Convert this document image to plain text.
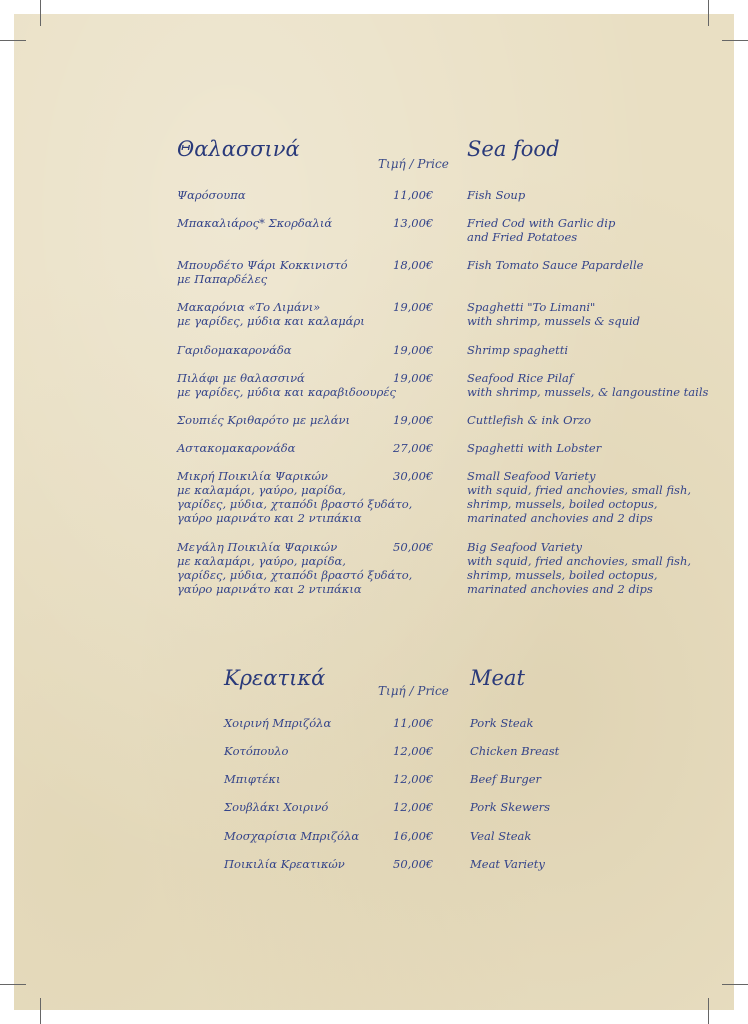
Θαλασσινά	Sea food
Τιμή / Price
Ψαρόσουπα	11,00€	Fish Soup
Μπακαλιάρος* Σκορδαλιά	13,00€	Fried Cod with Garlic dip
and Fried Potatoes
Μπουρδέτο Ψάρι Κοκκινιστό
με Παπαρδέλες
18,00€	Fish Tomato Sauce Papardelle
Μακαρόνια «Το Λιμάνι»
με γαρίδες, μύδια και καλαμάρι
19,00€	Spaghetti "To Limani"
with shrimp, mussels & squid
Γαριδομακαρονάδα	19,00€	Shrimp spaghetti
Πιλάφι με θαλασσινά
με γαρίδες, μύδια και καραβιδοουρές
19,00€	Seafood Rice Pilaf
with shrimp, mussels, & langoustine tails
Σουπιές Κριθαρότο με μελάνι	19,00€	Cuttlefish & ink Orzo
Αστακομακαρονάδα	27,00€	Spaghetti with Lobster
Μικρή Ποικιλία Ψαρικών
με καλαμάρι, γαύρο, μαρίδα,
γαρίδες, μύδια, χταπόδι βραστό ξυδάτο,
γαύρο μαρινάτο και 2 ντιπάκια
30,00€	Small Seafood Variety
with squid, fried anchovies, small fish,
shrimp, mussels, boiled octopus,
marinated anchovies and 2 dips
Μεγάλη Ποικιλία Ψαρικών
με καλαμάρι, γαύρο, μαρίδα,
γαρίδες, μύδια, χταπόδι βραστό ξυδάτο,
γαύρο μαρινάτο και 2 ντιπάκια
50,00€	Big Seafood Variety
with squid, fried anchovies, small fish,
shrimp, mussels, boiled octopus,
marinated anchovies and 2 dips
Κρεατικά	Meat
Τιμή / Price
Χοιρινή Μπριζόλα	11,00€	Pork Steak
Κοτόπουλο	12,00€	Chicken Breast
Μπιφτέκι	12,00€	Beef Burger
Σουβλάκι Χοιρινό	12,00€	Pork Skewers
Μοσχαρίσια Μπριζόλα	16,00€	Veal Steak
Ποικιλία Κρεατικών	50,00€	Meat Variety
